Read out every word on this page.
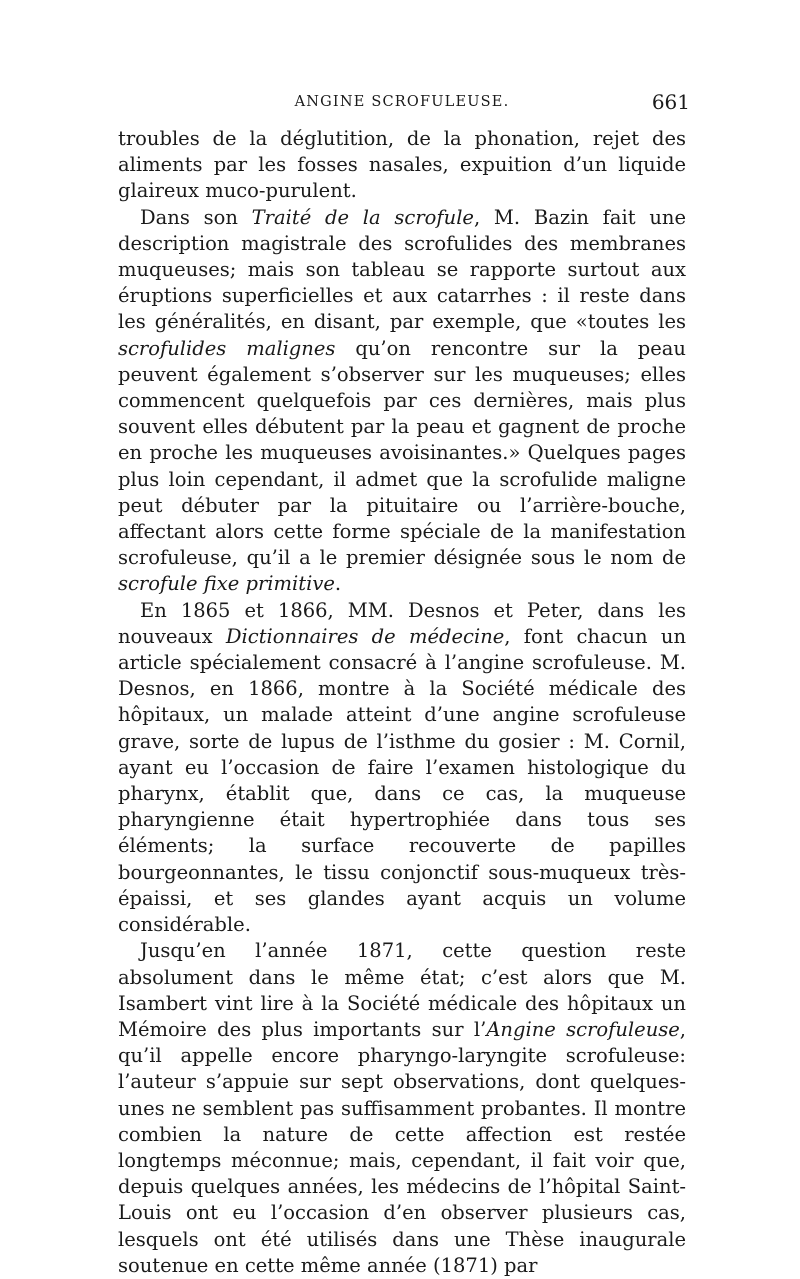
ANGINE SCROFULEUSE.	661

troubles de la déglutition, de la phonation, rejet des aliments par les fosses nasales, expuition d’un liquide glaireux muco-purulent.

Dans son Traité de la scrofule, M. Bazin fait une description magistrale des scrofulides des membranes muqueuses; mais son tableau se rapporte surtout aux éruptions superficielles et aux catarrhes : il reste dans les généralités, en disant, par exemple, que «toutes les scrofulides malignes qu’on rencontre sur la peau peuvent également s’observer sur les muqueuses; elles commencent quelquefois par ces dernières, mais plus souvent elles débutent par la peau et gagnent de proche en proche les muqueuses avoisinantes.» Quelques pages plus loin cependant, il admet que la scrofulide maligne peut débuter par la pituitaire ou l’arrière-bouche, affectant alors cette forme spéciale de la manifestation scrofuleuse, qu’il a le premier désignée sous le nom de scrofule fixe primitive.

En 1865 et 1866, MM. Desnos et Peter, dans les nouveaux Dictionnaires de médecine, font chacun un article spécialement consacré à l’angine scrofuleuse. M. Desnos, en 1866, montre à la Société médicale des hôpitaux, un malade atteint d’une angine scrofuleuse grave, sorte de lupus de l’isthme du gosier : M. Cornil, ayant eu l’occasion de faire l’examen histologique du pharynx, établit que, dans ce cas, la muqueuse pharyngienne était hypertrophiée dans tous ses éléments; la surface recouverte de papilles bourgeonnantes, le tissu conjonctif sous-muqueux très-épaissi, et ses glandes ayant acquis un volume considérable.

Jusqu’en l’année 1871, cette question reste absolument dans le même état; c’est alors que M. Isambert vint lire à la Société médicale des hôpitaux un Mémoire des plus importants sur l’Angine scrofuleuse, qu’il appelle encore pharyngo-laryngite scrofuleuse: l’auteur s’appuie sur sept observations, dont quelques-unes ne semblent pas suffisamment probantes. Il montre combien la nature de cette affection est restée longtemps méconnue; mais, cependant, il fait voir que, depuis quelques années, les médecins de l’hôpital Saint-Louis ont eu l’occasion d’en observer plusieurs cas, lesquels ont été utilisés dans une Thèse inaugurale soutenue en cette même année (1871) par
